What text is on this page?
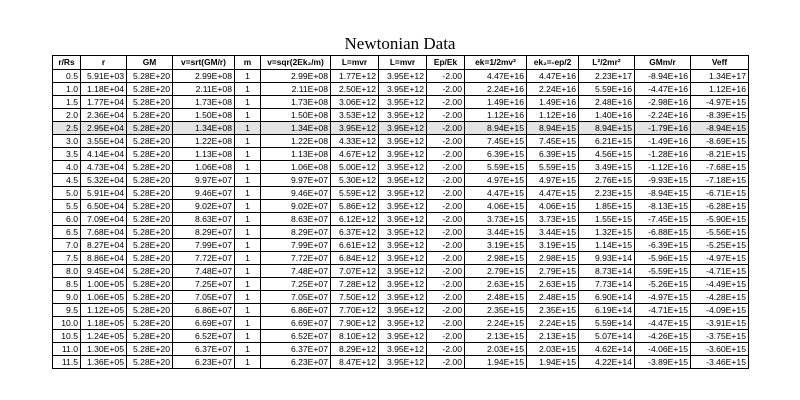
Newtonian Data
r/Rs	r	GM	v=srt(GM/r)	m	v=sqr(2Ek₂/m)	L=mvr	L=mvr	Ep/Ek	ek=1/2mv²	ek₂=-ep/2	L²/2mr²	GMm/r	Veff
0.5	5.91E+03	5.28E+20	2.99E+08	1	2.99E+08	1.77E+12	3.95E+12	-2.00	4.47E+16	4.47E+16	2.23E+17	-8.94E+16	1.34E+17
1.0	1.18E+04	5.28E+20	2.11E+08	1	2.11E+08	2.50E+12	3.95E+12	-2.00	2.24E+16	2.24E+16	5.59E+16	-4.47E+16	1.12E+16
1.5	1.77E+04	5.28E+20	1.73E+08	1	1.73E+08	3.06E+12	3.95E+12	-2.00	1.49E+16	1.49E+16	2.48E+16	-2.98E+16	-4.97E+15
2.0	2.36E+04	5.28E+20	1.50E+08	1	1.50E+08	3.53E+12	3.95E+12	-2.00	1.12E+16	1.12E+16	1.40E+16	-2.24E+16	-8.39E+15
2.5	2.95E+04	5.28E+20	1.34E+08	1	1.34E+08	3.95E+12	3.95E+12	-2.00	8.94E+15	8.94E+15	8.94E+15	-1.79E+16	-8.94E+15
3.0	3.55E+04	5.28E+20	1.22E+08	1	1.22E+08	4.33E+12	3.95E+12	-2.00	7.45E+15	7.45E+15	6.21E+15	-1.49E+16	-8.69E+15
3.5	4.14E+04	5.28E+20	1.13E+08	1	1.13E+08	4.67E+12	3.95E+12	-2.00	6.39E+15	6.39E+15	4.56E+15	-1.28E+16	-8.21E+15
4.0	4.73E+04	5.28E+20	1.06E+08	1	1.06E+08	5.00E+12	3.95E+12	-2.00	5.59E+15	5.59E+15	3.49E+15	-1.12E+16	-7.68E+15
4.5	5.32E+04	5.28E+20	9.97E+07	1	9.97E+07	5.30E+12	3.95E+12	-2.00	4.97E+15	4.97E+15	2.76E+15	-9.93E+15	-7.18E+15
5.0	5.91E+04	5.28E+20	9.46E+07	1	9.46E+07	5.59E+12	3.95E+12	-2.00	4.47E+15	4.47E+15	2.23E+15	-8.94E+15	-6.71E+15
5.5	6.50E+04	5.28E+20	9.02E+07	1	9.02E+07	5.86E+12	3.95E+12	-2.00	4.06E+15	4.06E+15	1.85E+15	-8.13E+15	-6.28E+15
6.0	7.09E+04	5.28E+20	8.63E+07	1	8.63E+07	6.12E+12	3.95E+12	-2.00	3.73E+15	3.73E+15	1.55E+15	-7.45E+15	-5.90E+15
6.5	7.68E+04	5.28E+20	8.29E+07	1	8.29E+07	6.37E+12	3.95E+12	-2.00	3.44E+15	3.44E+15	1.32E+15	-6.88E+15	-5.56E+15
7.0	8.27E+04	5.28E+20	7.99E+07	1	7.99E+07	6.61E+12	3.95E+12	-2.00	3.19E+15	3.19E+15	1.14E+15	-6.39E+15	-5.25E+15
7.5	8.86E+04	5.28E+20	7.72E+07	1	7.72E+07	6.84E+12	3.95E+12	-2.00	2.98E+15	2.98E+15	9.93E+14	-5.96E+15	-4.97E+15
8.0	9.45E+04	5.28E+20	7.48E+07	1	7.48E+07	7.07E+12	3.95E+12	-2.00	2.79E+15	2.79E+15	8.73E+14	-5.59E+15	-4.71E+15
8.5	1.00E+05	5.28E+20	7.25E+07	1	7.25E+07	7.28E+12	3.95E+12	-2.00	2.63E+15	2.63E+15	7.73E+14	-5.26E+15	-4.49E+15
9.0	1.06E+05	5.28E+20	7.05E+07	1	7.05E+07	7.50E+12	3.95E+12	-2.00	2.48E+15	2.48E+15	6.90E+14	-4.97E+15	-4.28E+15
9.5	1.12E+05	5.28E+20	6.86E+07	1	6.86E+07	7.70E+12	3.95E+12	-2.00	2.35E+15	2.35E+15	6.19E+14	-4.71E+15	-4.09E+15
10.0	1.18E+05	5.28E+20	6.69E+07	1	6.69E+07	7.90E+12	3.95E+12	-2.00	2.24E+15	2.24E+15	5.59E+14	-4.47E+15	-3.91E+15
10.5	1.24E+05	5.28E+20	6.52E+07	1	6.52E+07	8.10E+12	3.95E+12	-2.00	2.13E+15	2.13E+15	5.07E+14	-4.26E+15	-3.75E+15
11.0	1.30E+05	5.28E+20	6.37E+07	1	6.37E+07	8.29E+12	3.95E+12	-2.00	2.03E+15	2.03E+15	4.62E+14	-4.06E+15	-3.60E+15
11.5	1.36E+05	5.28E+20	6.23E+07	1	6.23E+07	8.47E+12	3.95E+12	-2.00	1.94E+15	1.94E+15	4.22E+14	-3.89E+15	-3.46E+15
